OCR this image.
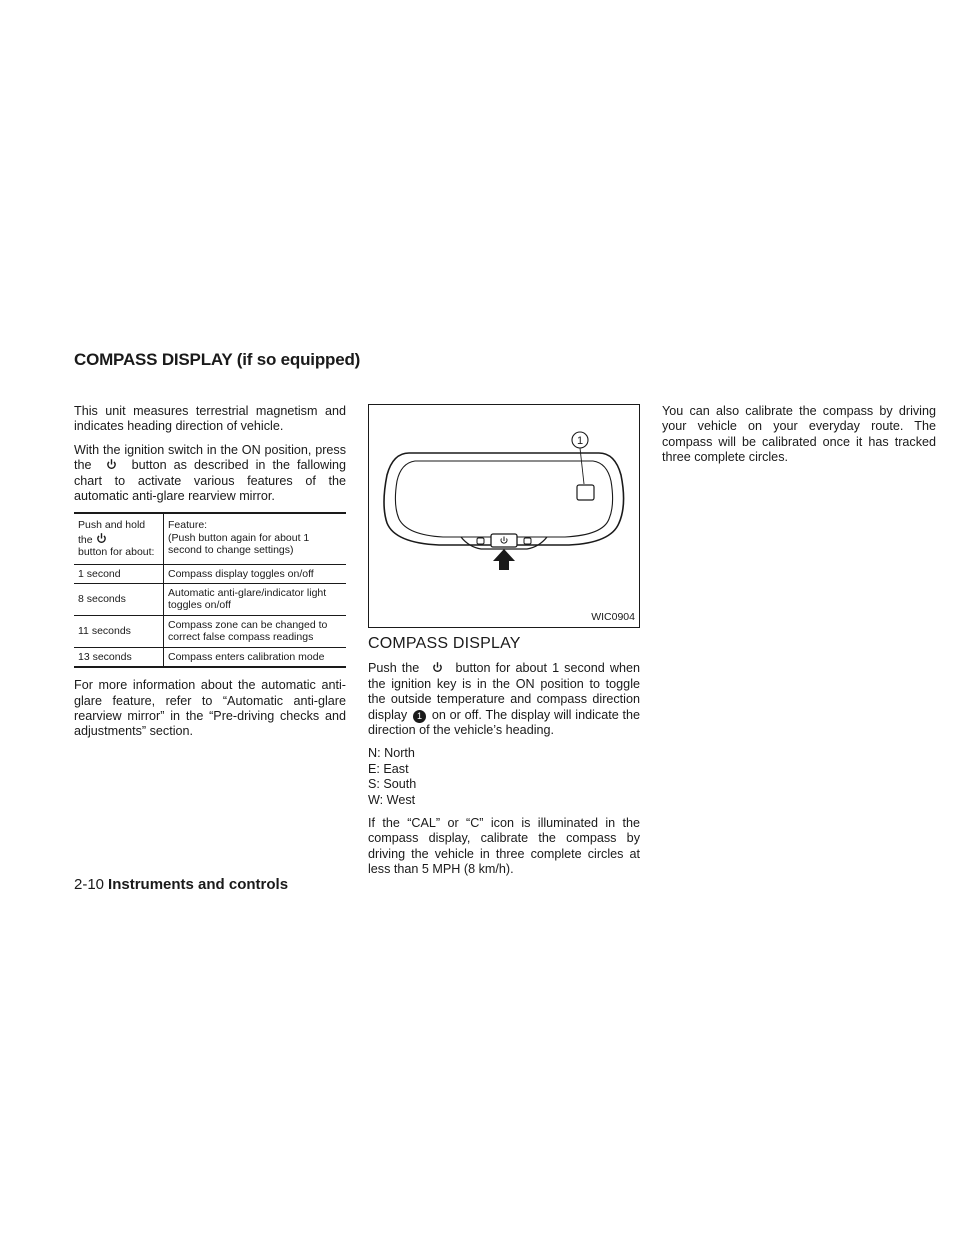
COMPASS DISPLAY (if so equipped)

This unit measures terrestrial magnetism and indicates heading direction of vehicle.

With the ignition switch in the ON position, press the	button as described in the fallowing chart to activate various features of the automatic anti-glare rearview mirror.

Push and hold
the
button for about:	Feature:
(Push button again for about 1 second to change settings)

1 second	Compass display toggles on/off
8 seconds	Automatic anti-glare/indicator light toggles on/off
11 seconds	Compass zone can be changed to correct false compass readings
13 seconds	Compass enters calibration mode

For more information about the automatic anti-glare feature, refer to “Automatic anti-glare rearview mirror” in the “Pre-driving checks and adjustments” section.

1
WIC0904
COMPASS DISPLAY

Push the	button for about 1 second when the ignition key is in the ON position to toggle the outside temperature and compass direction display 1 on or off. The display will indicate the direction of the vehicle’s heading.

N: North
E: East
S: South
W: West

If the “CAL” or “C” icon is illuminated in the compass display, calibrate the compass by driving the vehicle in three complete circles at less than 5 MPH (8 km/h).

You can also calibrate the compass by driving your vehicle on your everyday route. The compass will be calibrated once it has tracked three complete circles.

2-10 Instruments and controls
